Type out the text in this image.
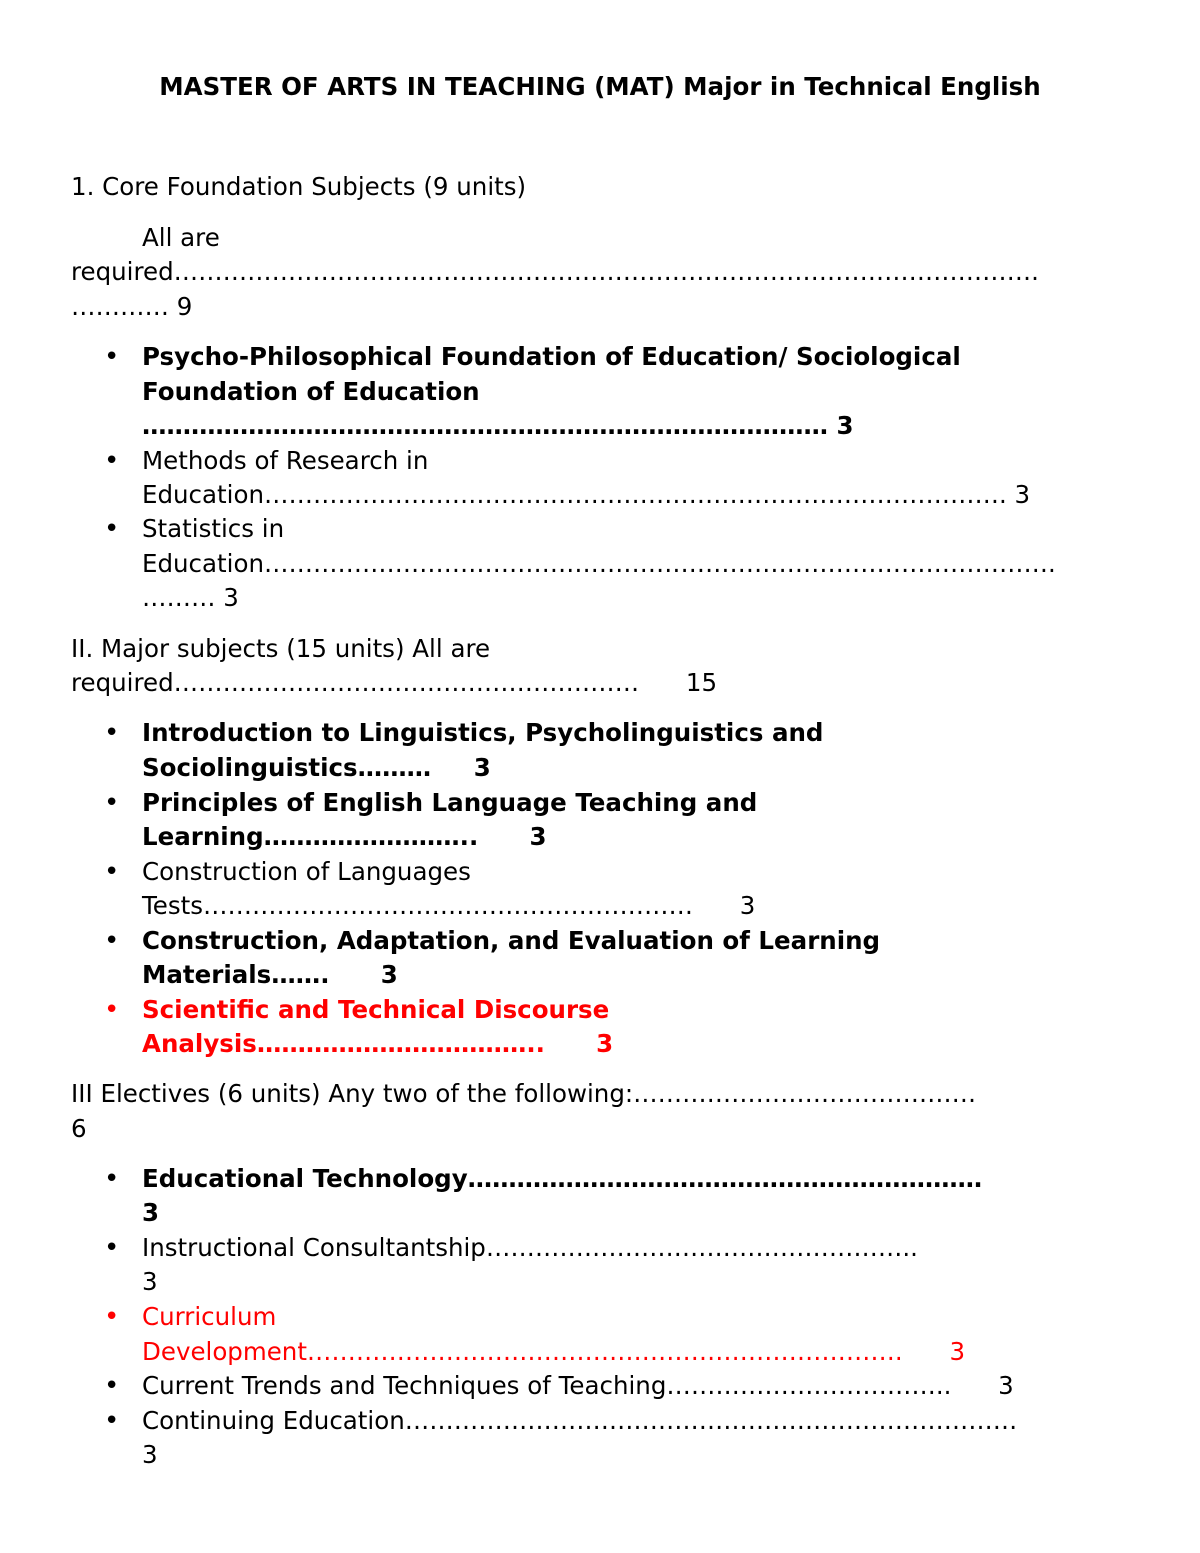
MASTER OF ARTS IN TEACHING (MAT) Major in Technical English
1. Core Foundation Subjects (9 units)
All are
required…………………………………………………………………………………………….
………… 9
• Psycho-Philosophical Foundation of Education/ Sociological
Foundation of Education
………………………………………………………………………… 3
• Methods of Research in
Education………………………………………………………………………………. 3
• Statistics in
Education…………………………………………………………………………………….
……… 3
II. Major subjects (15 units) All are
required…………………………………………………      15
• Introduction to Linguistics, Psycholinguistics and
Sociolinguistics………     3
• Principles of English Language Teaching and
Learning……………………..      3
• Construction of Languages
Tests……………………………………………………      3
• Construction, Adaptation, and Evaluation of Learning
Materials…….      3
• Scientific and Technical Discourse
Analysis……………………………..      3
III Electives (6 units) Any two of the following:……………………………………
6
• Educational Technology………………………………………………………
3
• Instructional Consultantship……………………………………………..
3
• Curriculum
Development……………………………………………………………….      3
• Current Trends and Techniques of Teaching……………………………..      3
• Continuing Education…………………………………………………………………
3
